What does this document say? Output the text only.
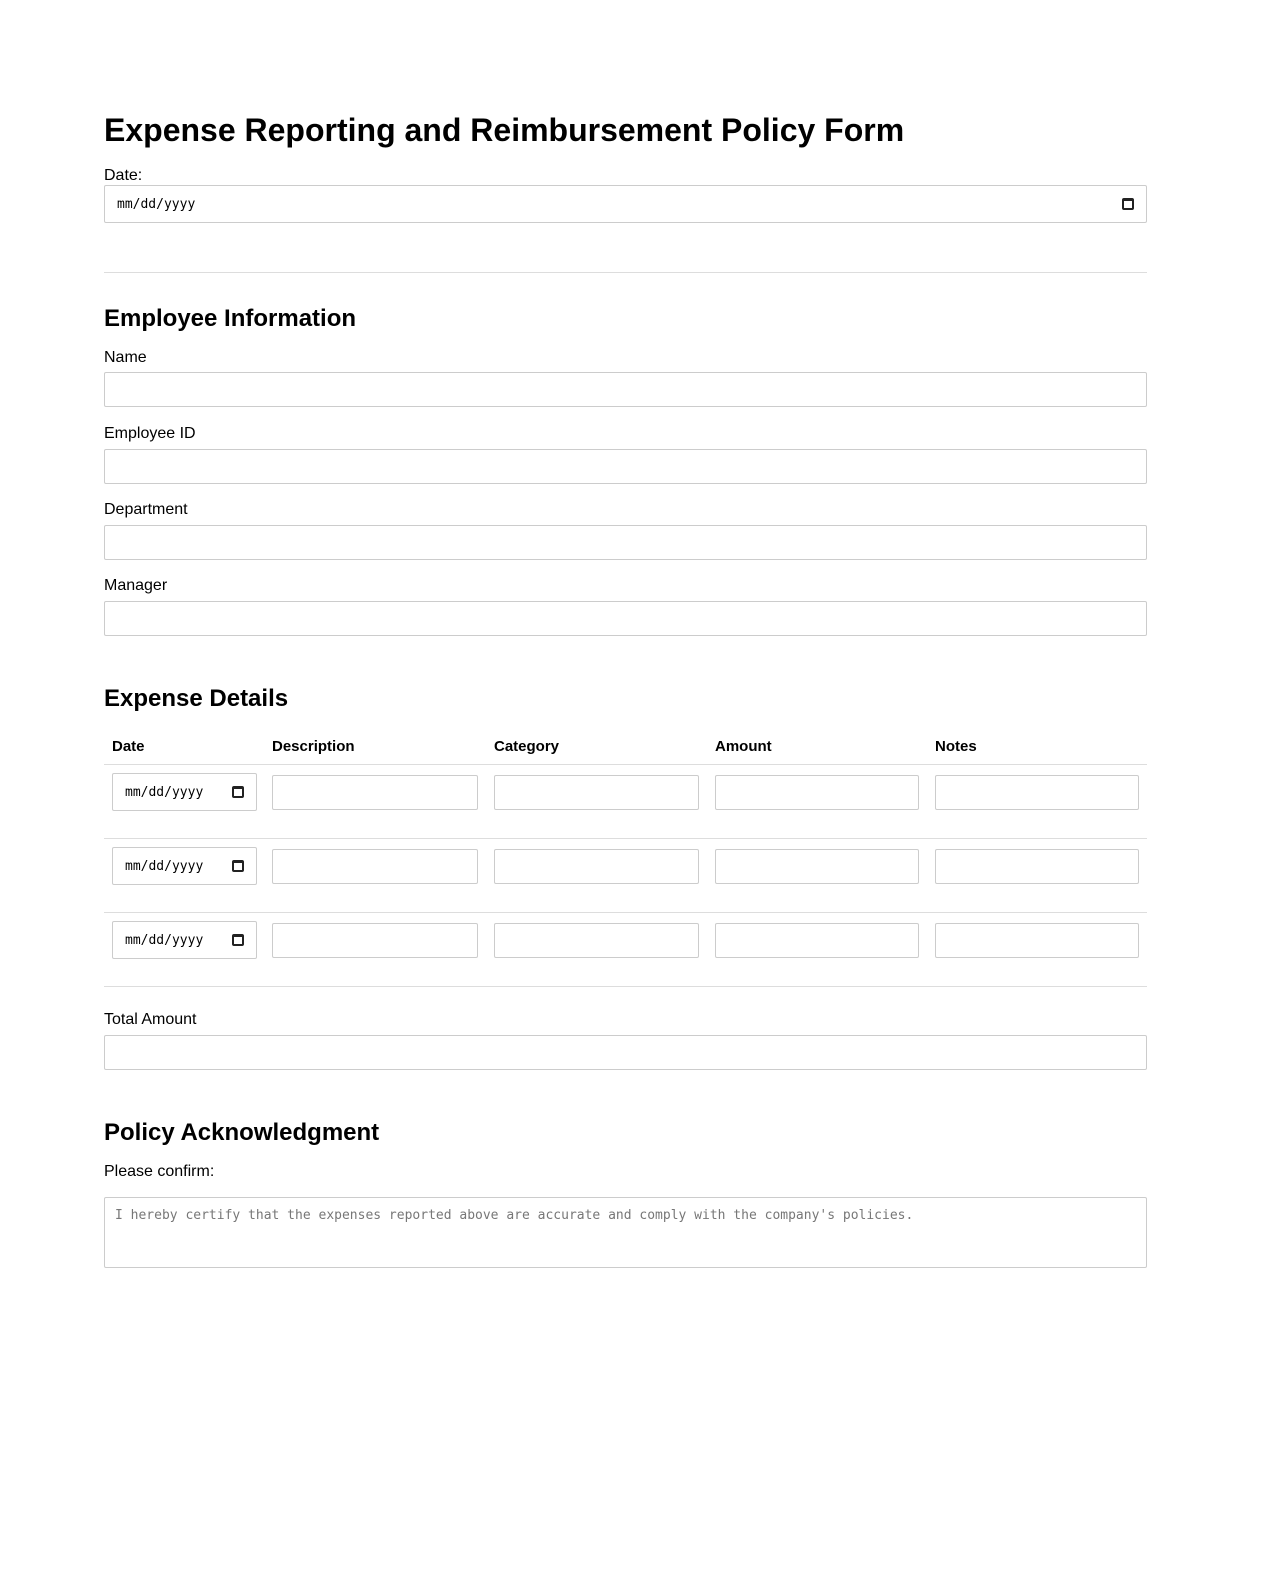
Expense Reporting and Reimbursement Policy Form
Date:
mm/dd/yyyy
Employee Information
Name
Employee ID
Department
Manager
Expense Details
Date	Description	Category	Amount	Notes
mm/dd/yyyy
mm/dd/yyyy
mm/dd/yyyy
Total Amount
Policy Acknowledgment
Please confirm:
I hereby certify that the expenses reported above are accurate and comply with the company's policies.
